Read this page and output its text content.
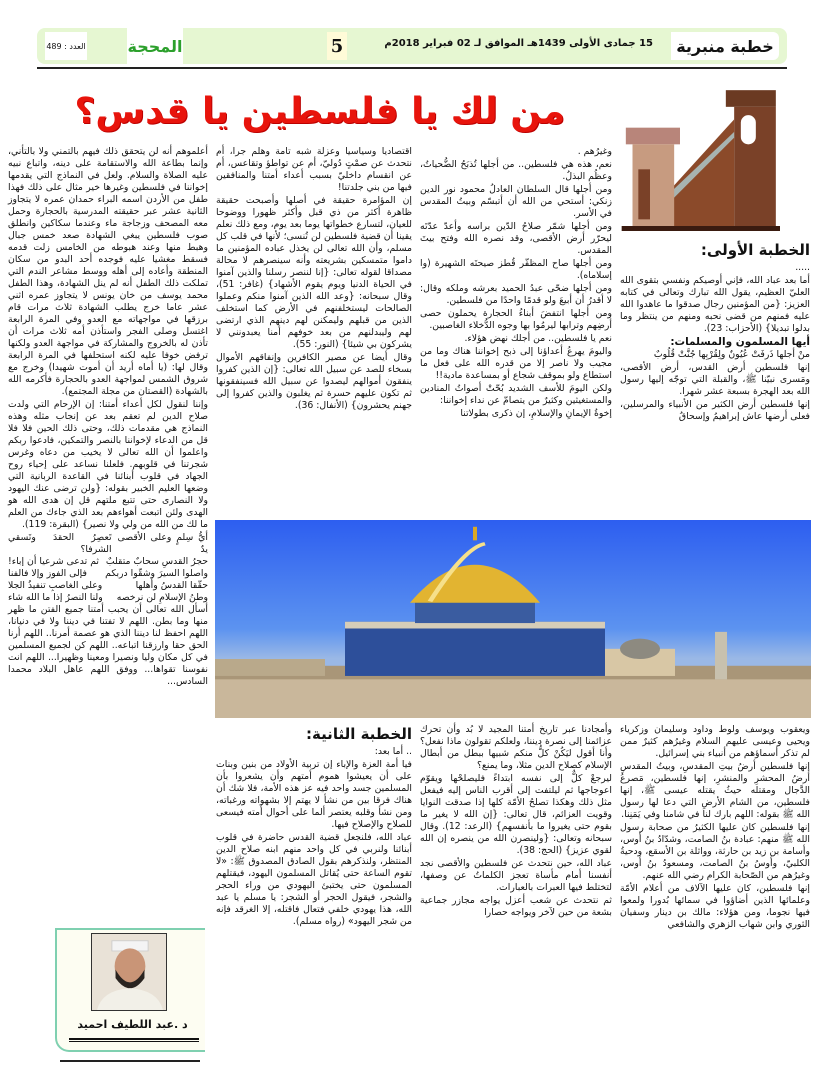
خطبة منبرية
15 جمادى الأولى 1439هـ الموافق لـ 02 فبراير 2018م
5
المحجة
العدد : 489
من لك يا فلسطين يا قدس؟
الخطبة الأولى:

.....

أما بعد عباد الله، فإني أوصيكم ونفسي بتقوى الله العليّ العظيم، يقول الله تبارك وتعالى في كتابه العزيز: {من المؤمنين رجال صدقوا ما عاهدوا الله عليه فمنهم من قضى نحبه ومنهم من ينتظر وما بدلوا تبديلا} (الأحزاب: 23).

أيها المسلمون والمسلمات:

منْ أجلها ذَرفَتْ عُيُونٌ ولِقُرْبِها جُنَّتْ قُلُوبٌ

إنها فلسطين أرض القدس، أرض الأقصى، ومَسرى نبيّنا ﷺ، والقبلة التي توجّه إليها رسول الله بعد الهجرة بسبعة عشر شهرا.

إنها فلسطين أرض الكثير من الأنبياء والمرسلين، فعلى أرضها عاش إبراهيمُ وإسحاقُ

وغيرُهم .

نعم، هذه هي فلسطين.. من أجلها تُذبَحُ الضُّحياتُ، وعظُم البذلُ.

ومن أجلها قال السلطان العادلُ محمود نور الدين زنكي: أستحي من الله أن أتبسّم وبيتُ المقدس في الأسر.

ومن أجلها شمّر صلاحُ الدّين براسه وأعدّ عدّتَه ليحرّر أرض الأقصى، وقد نصره الله وفتح بيتَ المقدس.

ومن أجلها صاح المظفّر قُطز صيحتَه الشهيرة (وا إسلاماه).

ومن أجلها ضحّى عبدُ الحميد بعرشه وملكه وقال: لا أقدرُ أن أبيعَ ولو قدمًا واحدًا من فلسطين.

ومن أجلها انتفضَ أبناءُ الحجارة يحملون حصى أرضِهم وترابها ليرمُوا بها وجوه الدُّخلاء الغاصبين.

نعم يا فلسطين.. من أجلك نهض هؤلاء.

واليومَ يهرعُ أعداؤنا إلى ذبح إخواننا هناك وما من مجيب ولا ناصر إلا من قدره الله على فعل ما استطاع ولو بموقف شجاع أو بمساعدة مادية!!

ولكن اليومَ للأسف الشديد بُحّتْ أصواتُ المنادين والمستغيثين وكثيرٌ من يتصامّ عن نداء إخواننا:

إخوةُ الإيمانِ والإسلامِ، إن ذكرى بطولاتنا

اقتصاديا وسياسيا وعزلة شبه تامة وهلم جرا، أم نتحدث عن صمْتٍ دُوليّ، أم عن تواطؤ وتقاعس، أم عن انقسام داخليّ بسبب أعداء أمتنا والمنافقين فيها من بني جلدتنا!

إن المؤامرة حقيقة في أصلها وأصبحت حقيقة ظاهرة أكثر من ذي قبل وأكثر ظهورا ووضوحا للعيان، لتسارع خطواتها يوما بعد يوم، ومع ذلك نعلم يقينا أن قضية فلسطين لن تُنسى؛ لأنها في قلب كل مسلم، وأن الله تعالى لن يخذل عباده المؤمنين ما داموا متمسكين بشريعته وأنه سينصرهم لا محالة مصداقا لقوله تعالى: {إنا لننصر رسلنا والذين آمنوا في الحياة الدنيا ويوم يقوم الأشهاد} (غافر: 51)، وقال سبحانه: {وعد الله الذين آمنوا منكم وعملوا الصالحات ليستخلفنهم في الأرض كما استخلف الذين من قبلهم وليمكنن لهم دينهم الذي ارتضى لهم وليبدلنهم من بعد خوفهم أمنا يعبدونني لا يشركون بي شيئا} (النور: 55).

وقال أيضا عن مصير الكافرين وإنفاقهم الأموال بسخاء للصد عن سبيل الله تعالى: {إن الذين كفروا ينفقون أموالهم ليصدوا عن سبيل الله فسينفقونها ثم تكون عليهم حسرة ثم يغلبون والذين كفروا إلى جهنم يحشرون} (الأنفال: 36).

أعلموهم أنه لن يتحقق ذلك فيهم بالتمني ولا بالتأني، وإنما بطاعة الله والاستقامة على دينه، واتباع نبيه عليه الصلاة والسلام. ولعل في النماذج التي يقدمها إخواننا في فلسطين وغيرها خير مثال على ذلك فهذا طفل من الأردن اسمه البراء حمدان عمره لا يتجاوز الثانية عشر عبر حقيقته المدرسية بالحجارة وحمل معه المصحف وزجاجة ماء وعندما سكاكين وانطلق صوب فلسطين يبغي الشهادة صعد خمس جبال وهبط منها وعند هبوطه من الخامس زلت قدمه فسقط مغشيا عليه فوجده أحد البدو من سكان المنطقة وأعاده إلى أهله ووسط مشاعر الندم التي تملكت ذلك الطفل أنه لم ينل الشهادة، وهذا الطفل محمد يوسف من خان يونس لا يتجاوز عمره اثني عشر عاما خرج يطلب الشهادة ثلاث مرات قام برزقها في مواجهاته مع العدو وفي المرة الرابعة اغتسل وصلى الفجر واستأذن أمه ثلاث مرات أن تأذن له بالخروج والمشاركة في مواجهة العدو ولكنها ترفض خوفا عليه لكنه استحلفها في المرة الرابعة وقال لها: (يا أماه أريد أن أموت شهيدا) وخرج مع شروق الشمس لمواجهة العدو بالحجارة فأكرمه الله بالشهادة (القصتان من مجلة المجتمع).

وإننا لنقول لكل أعداء أمتنا: إن الإرحام التي ولدت صلاح الدين لم تعقم بعد عن إنجاب مثله وهذه النماذج هي مقدمات ذلك، وحتى ذلك الحين فلا فلا قل من الدعاء لإخواننا بالنصر والتمكين، فادعوا ربكم واعلموا أن الله تعالى لا يخيب من دعاه وغرس شجرتنا في قلوبهم. فلعلنا نساعد على إحياء روح الجهاد في قلوب أبنائنا في القاعدة الربانية التي وضعها العليم الخبير بقوله: {ولن ترضى عنك اليهود ولا النصارى حتى تتبع ملتهم قل إن هدى الله هو الهدى ولئن اتبعت أهواءهم بعد الذي جاءك من العلم ما لك من الله من ولي ولا نصير} (البقرة: 119).

أيُّ سِلمٍ وعلى الأقصى يدٌ
تَعصِرُ الحقدَ وتَسقي الشرفا؟
حجرُ القدسِ سحابٌ متقلبٌ
ثم تدعى شرعيا أن إباء!
واصلوا السيرَ وشقّوا دربكم
فإلى الفوز وإلا فالفنا
حقّقا القدسُ وأهلها
وعلى الغاصبِ تنفيذُ الجلا
وطنُ الإسلامِ لن نرخصه
ولنا النصرُ إذا ما الله شاء

أسأل الله تعالى أن يحبب أمتنا جميع الفتن ما ظهر منها وما بطن. اللهم لا تفتنا في ديننا ولا في دنيانا، اللهم احفظ لنا ديننا الذي هو عصمة أمرنا.. اللهم أرنا الحق حقا وارزقنا اتباعه.. اللهم كن لجميع المسلمين في كل مكان وليا ونصيرا ومعينا وظهيرا... اللهم انت نفوسنا تقواها... ووفق اللهم عاهل البلاد محمدا السادس...

ويعقوب ويوسف ولوط وداود وسليمان وزكرياء ويحيى وعيسى عليهم السلام وغيرُهم كثيرٌ ممن لم تذكر أسماؤهم من أنبياء بني إسرائيل.

إنها فلسطين أرضُ بيتِ المقدسِ، وبيتُ المقدسِ أرضُ المحشرِ والمنشرِ، إنها فلسطين، مَصرعُ الدَّجال ومقتله حيثُ يقتله عيسى ﷺ، إنها فلسطين، من الشام الأرضِ التي دعا لها رسول الله ﷺ بقوله: اللهم بارك لنا في شامنا وفي يَمَنِنا.

إنها فلسطين كان عليها الكثيرُ من صحابة رسول الله ﷺ منهم: عبادة بنُ الصامت، وشدّادُ بنُ أوس، وأسامة بن زيد بن حارثة، وواثلة بن الأسقع، ودحيةُ الكلبيّ، وأوسُ بنُ الصامت، ومسعودُ بنُ أوس، وغيرُهم من الصّحابة الكرام رضي الله عنهم.

إنها فلسطين، كان عليها الآلاف من أعلام الأمّة وعلمائها الذين أضاؤوا في سمائها بُدورا ولمعوا فيها نجوما، ومن هؤلاء: مالك بن دينار وسفيان الثوري وابن شهاب الزهري والشافعي

وأمجادنا عبر تاريخ أمتنا المجيد لا بُد وأن تحرك عزائمنا إلى نصرة ديننا، ولعلكم تقولون ماذا نفعل؟ وأنا أقول ليَكُنْ كلُّ منكم شبيها ببطل من أبطال الإسلام كصلاح الدين مثلا، وما يمنع؟

ليرجعْ كلٌّ إلى نفسه ابتداءً فليصلحْها ويقوّم اعوجاجها ثم ليلتفت إلى أقرب الناس إليه فيفعل مثل ذلك وهكذا تصلحُ الأمّة كلها إذا صدقت النوايا وقويت العزائم، قال تعالى: {إن الله لا يغير ما بقوم حتى يغيروا ما بأنفسهم} (الرعد: 12). وقال سبحانه وتعالى: {ولينصرن الله من ينصره إن الله لقوي عزيز} (الحج: 38).

عباد الله، حين نتحدث عن فلسطين والأقصى نجد أنفسنا أمام مأساة تعجز الكلماتُ عن وصفها، لتختلط فيها العبرات بالعبارات.

ثم نتحدث عن شعب أعزل يواجه مجازر جماعية بشعة من حين لآخر ويواجه حصارا

الخطبة الثانية:

.. أما بعد:

فيا أمة العزة والإباء إن تربية الأولاد من بنين وبنات على أن يعيشوا هموم أمتهم وأن يشعروا بأن المسلمين جسد واحد فيه عز هذه الأمة، فلا شك أن هناك فرقا بين من نشأ لا يهتم إلا بشهواته ورغباته، ومن نشأ وقلبه يعتصر ألما على أحوال أمته فيسعى للصلاح والإصلاح فيها.

عباد الله، فلنجعل قضية القدس حاضرة في قلوب أبنائنا ولنربي في كل واحد منهم ابنه صلاح الدين المنتظر، ولنذكرهم بقول الصادق المصدوق ﷺ: «لا تقوم الساعة حتى يُقاتل المسلمون اليهود، فيقتلهم المسلمون حتى يختبئ اليهودي من وراء الحجر والشجر، فيقول الحجر أو الشجر: يا مسلم يا عبد الله، هذا يهودي خلفي فتعال فاقتله، إلا الغرقد فإنه من شجر اليهود» (رواه مسلم).

د .عبد اللطيف احميد
